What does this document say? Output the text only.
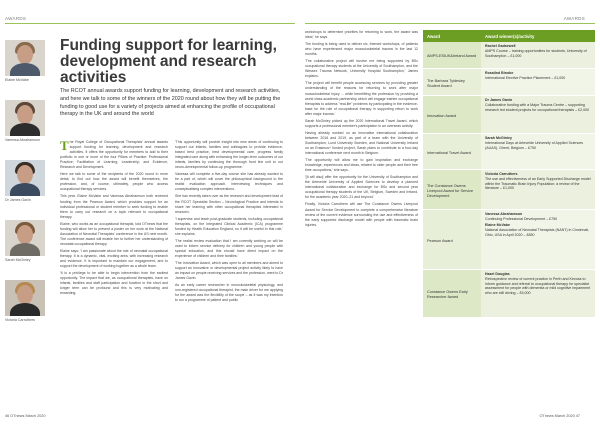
AWARDS
Elaine McVabe
Vanessa Abrahamson
Dr James Gavin
Sarah McGinley
Victoria Carruthers
Funding support for learning, development and research activities

The RCOT annual awards support funding for learning, development and research activities, and here we talk to some of the winners of the 2020 round about how they will be putting the funding to good use for a variety of projects aimed at enhancing the profile of occupational therapy in the UK and around the world

The Royal College of Occupational Therapists' annual awards support funding for learning, development and research activities. It offers the opportunity for members to add to their portfolio in one or more of the four Pillars of Practice: Professional Practice; Facilitation of Learning; Leadership; and Evidence, Research and Development.

Here we talk to some of the recipients of the 2020 round in more detail, to find out how the award will benefit themselves, the profession, and, of course, ultimately, people who access occupational therapy services.

This year, Elaine McVabe and Vanessa Abrahamson both received funding from the Pearson Award, which provides support for an individual professional or student member to seek funding to enable them to carry out research on a topic relevant to occupational therapy.

Elaine, who works as an occupational therapist, told OTnews that the funding will allow her to present a poster on her work at the National Association of Neonatal Therapists' conference in the US next month. The conference award will enable her to further her understanding of neonatal occupational therapy.

Elaine says: 'I am passionate about the role of neonatal occupational therapy. It is a dynamic, vital, exciting area, with increasing research and evidence. It is important to maintain our engagement, and to support the development of working together as a whole team.

'It is a privilege to be able to begin intervention from the earliest opportunity. The impact that we, as occupational therapists, have on infants, families and staff participation and function in the short and longer term can be profound and this is very motivating and rewarding.

'This opportunity will provide insight into new areas of continuing to support our infants, families and colleagues to provide evidence-based best practice, best developmental care, progress family integrated care along with enhancing the longer-term outcomes of our infants, families by continuing the thorough front line unit to our neuro-developmental follow-up programme.'

Vanessa will complete a five-day course she has already wanted to be a part of, which will cover the philosophical background to the realist evaluation approach, interviewing techniques and conceptualising complex interventions.

She has recently taken over as the research and development lead of the RCOT Specialist Section – Neurological Practice and intends to share her learning with other occupational therapists interested in research.

'I supervise and teach post-graduate students, including occupational therapists, on the Integrated Clinical Academic (ICA) programme funded by Health Education England, so it will be useful in this role,' she explains.

'The realist review evaluation that I am currently working on will be used to inform service delivery for children and young people with special education, and this should have direct impact on the experience of children and their families.'

'The Innovation Award, which was open to all members and aimed to support an innovative or developmental project activity likely to have an impact on people receiving services and the profession, went to Dr James Gavin.

As an early career researcher in musculoskeletal physiology, and non-registered occupational therapist, the main driver for me applying for the award was the flexibility of the scope – as it was my intention to run a programme of patient and public

46 OTnews March 2020
AWARDS

workshops to determine priorities for returning to work, the award was ideal,' he says.

The funding is being used to deliver six, themed workshops, of patients who have experienced major musculoskeletal trauma in the last 12 months.

'The collaborative project will involve me being supported by BSc occupational therapy students at the University of Southampton, and the Wessex Trauma Network, University Hospital Southampton,' James explains.

'The project will benefit people accessing services by providing greater understanding of the reasons for returning to work after major musculoskeletal injury ... while benefitting the profession by providing a world class academic partnership which will engage trainee occupational therapists to address "real-life" problems by participating in the evidence-base for the role of occupational therapy in supporting return to work after major trauma.'

Sarah McGinley picked up the 2020 International Travel Award, which supports a professional member's participation in an overseas activity.

Having already worked on an innovative international collaboration between 2016 and 2019, as part of a team with the University of Southampton, Lund University Sweden, and National University Ireland on an Erasmus+ funded project, Sarah plans to contribute to a four-day international conference next month in Belgium.

'The opportunity will allow me to gain inspiration and exchange knowledge, experiences and ideas, related to older people and their free time occupations,' she says.

'[It will also] offer the opportunity for the University of Southampton and the Artevelde University of Applied Sciences to develop a planned international collaboration and exchange for BSc and second year occupational therapy students of the UK, Belgium, Sweden and Ireland, for the academic year 2020–21 and beyond.'

Finally, Victoria Carruthers will use The Constance Owens Liverpool Award for Service Development to complete a comprehensive literature review of the current evidence surrounding the use and effectiveness of the early supported discharge model with people with traumatic brain injuries.

Award	Award winner(s)/activity
AMPS-ESIUK&Ireland Award
Rachel Gadsewell
AMPS Course – training opportunities for students, University of Southampton – £1,000
The Barbara Tyldesley Student Award
Rosalind Binobe
International Elective Practice Placement – £1,000
Innovation Award
Dr James Gavin
Collaborative funding with a Major Trauma Centre – supporting research led student projects for occupational therapists – £2,000
International Travel Award
Sarah McGinley
International Days at Artevelde University of Applied Sciences (AUAS), Ghent, Belgium – £750
The Constance Owens Liverpool Award for Service Development
Victoria Carruthers
The use and effectiveness of an Early Supported Discharge model within the Traumatic Brain Injury Population: a review of the literature – £1,000
Pearson Award
Vanessa Abrahamson
Continuing Professional Development – £750
Elaine McVabe
National Association of Neonatal Therapists (NANT) in Cincinnati, Ohio, USA in April 2020 – £850
Constance Owens Early Researcher Award
Hazel Douglas
Retrospective review of current practice in Perth and Kinross to inform guidance and referral to occupational therapy for specialist assessment for people with dementia or mild cognitive impairment who are still driving – £5,000
OTnews March 2020 47
